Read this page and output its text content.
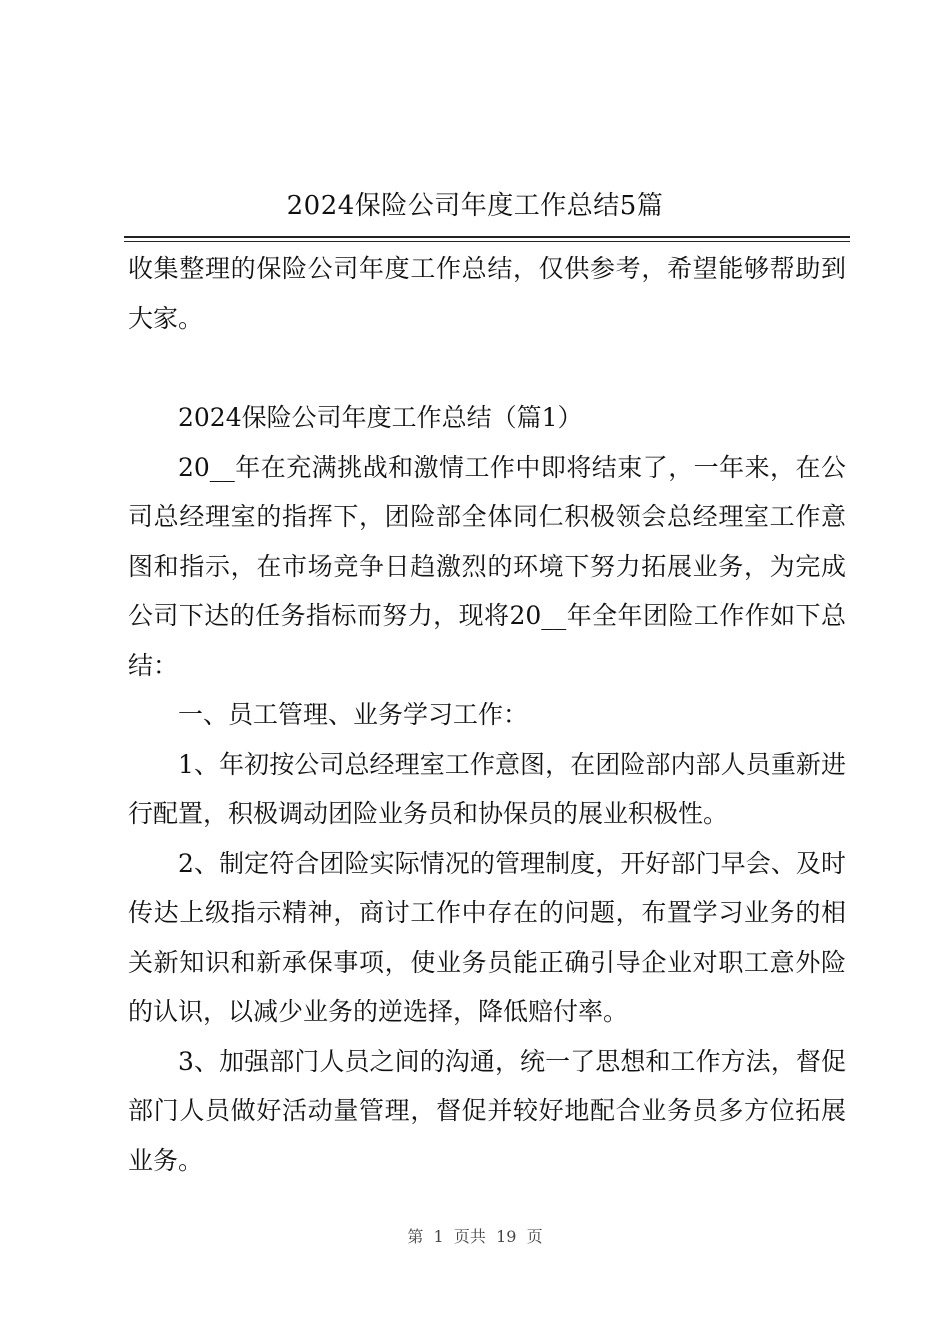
2024保险公司年度工作总结5篇

收集整理的保险公司年度工作总结，仅供参考，希望能够帮助到大家。

2024保险公司年度工作总结（篇1）

20__年在充满挑战和激情工作中即将结束了，一年来，在公司总经理室的指挥下，团险部全体同仁积极领会总经理室工作意图和指示，在市场竞争日趋激烈的环境下努力拓展业务，为完成公司下达的任务指标而努力，现将20__年全年团险工作作如下总结：

一、员工管理、业务学习工作：

1、年初按公司总经理室工作意图，在团险部内部人员重新进行配置，积极调动团险业务员和协保员的展业积极性。

2、制定符合团险实际情况的管理制度，开好部门早会、及时传达上级指示精神，商讨工作中存在的问题，布置学习业务的相关新知识和新承保事项，使业务员能正确引导企业对职工意外险的认识，以减少业务的逆选择，降低赔付率。

3、加强部门人员之间的沟通，统一了思想和工作方法，督促部门人员做好活动量管理，督促并较好地配合业务员多方位拓展业务。

第  1  页共  19  页
